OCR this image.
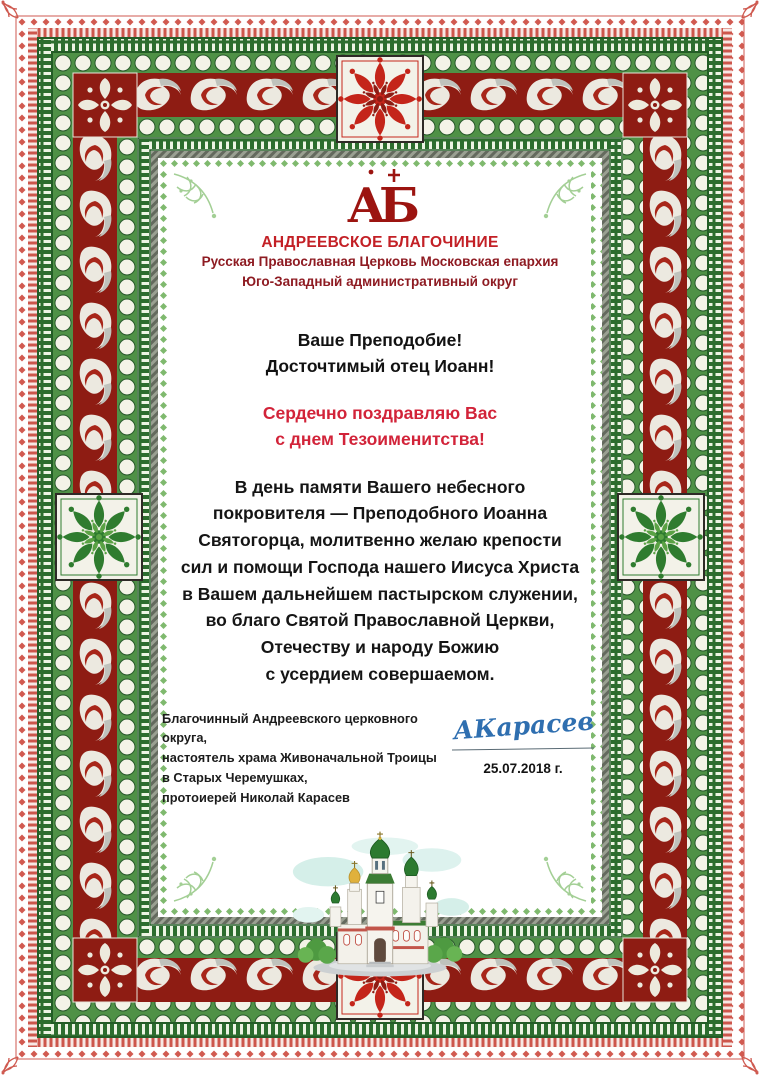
АБ
АНДРЕЕВСКОЕ БЛАГОЧИНИЕ
Русская Православная Церковь Московская епархия
Юго-Западный административный округ
Ваше Преподобие!
Досточтимый отец Иоанн!
Сердечно поздравляю Вас
с днем Тезоименитства!
В день памяти Вашего небесного
покровителя — Преподобного Иоанна
Святогорца, молитвенно желаю крепости
сил и помощи Господа нашего Иисуса Христа
в Вашем дальнейшем пастырском служении,
во благо Святой Православной Церкви,
Отечеству и народу Божию
с усердием совершаемом.
Благочинный Андреевского церковного округа,
настоятель храма Живоначальной Троицы
в Старых Черемушках,
протоиерей Николай Карасев
АКарасев
25.07.2018 г.
